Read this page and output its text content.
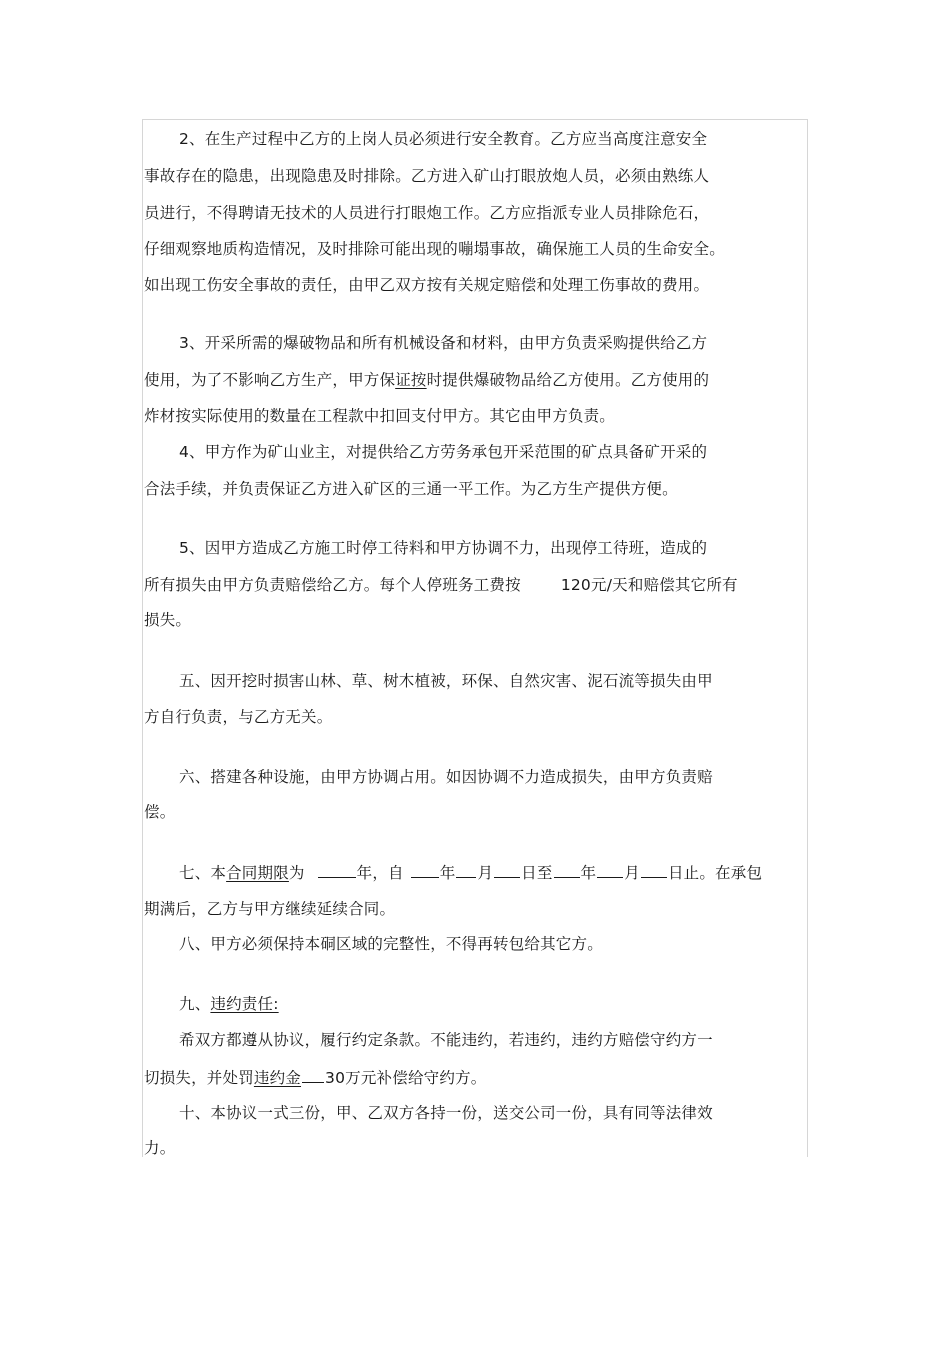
2、在生产过程中乙方的上岗人员必须进行安全教育。乙方应当高度注意安全
事故存在的隐患，出现隐患及时排除。乙方进入矿山打眼放炮人员，必须由熟练人
员进行，不得聘请无技术的人员进行打眼炮工作。乙方应指派专业人员排除危石，
仔细观察地质构造情况，及时排除可能出现的嘣塌事故，确保施工人员的生命安全。
如出现工伤安全事故的责任，由甲乙双方按有关规定赔偿和处理工伤事故的费用。
3、开采所需的爆破物品和所有机械设备和材料，由甲方负责采购提供给乙方
使用，为了不影响乙方生产，甲方保证按时提供爆破物品给乙方使用。乙方使用的
炸材按实际使用的数量在工程款中扣回支付甲方。其它由甲方负责。
4、甲方作为矿山业主，对提供给乙方劳务承包开采范围的矿点具备矿开采的
合法手续，并负责保证乙方进入矿区的三通一平工作。为乙方生产提供方便。
5、因甲方造成乙方施工时停工待料和甲方协调不力，出现停工待班，造成的
所有损失由甲方负责赔偿给乙方。每个人停班务工费按	120元/天和赔偿其它所有
损失。
五、因开挖时损害山林、草、树木植被，环保、自然灾害、泥石流等损失由甲
方自行负责，与乙方无关。
六、搭建各种设施，由甲方协调占用。如因协调不力造成损失，由甲方负责赔
偿。
七、本合同期限为	年，自 年 月 日至 年 月 日止。在承包
期满后，乙方与甲方继续延续合同。
八、甲方必须保持本硐区域的完整性，不得再转包给其它方。
九、违约责任:
希双方都遵从协议，履行约定条款。不能违约，若违约，违约方赔偿守约方一
切损失，并处罚违约金 30万元补偿给守约方。
十、本协议一式三份，甲、乙双方各持一份，送交公司一份，具有同等法律效
力。
